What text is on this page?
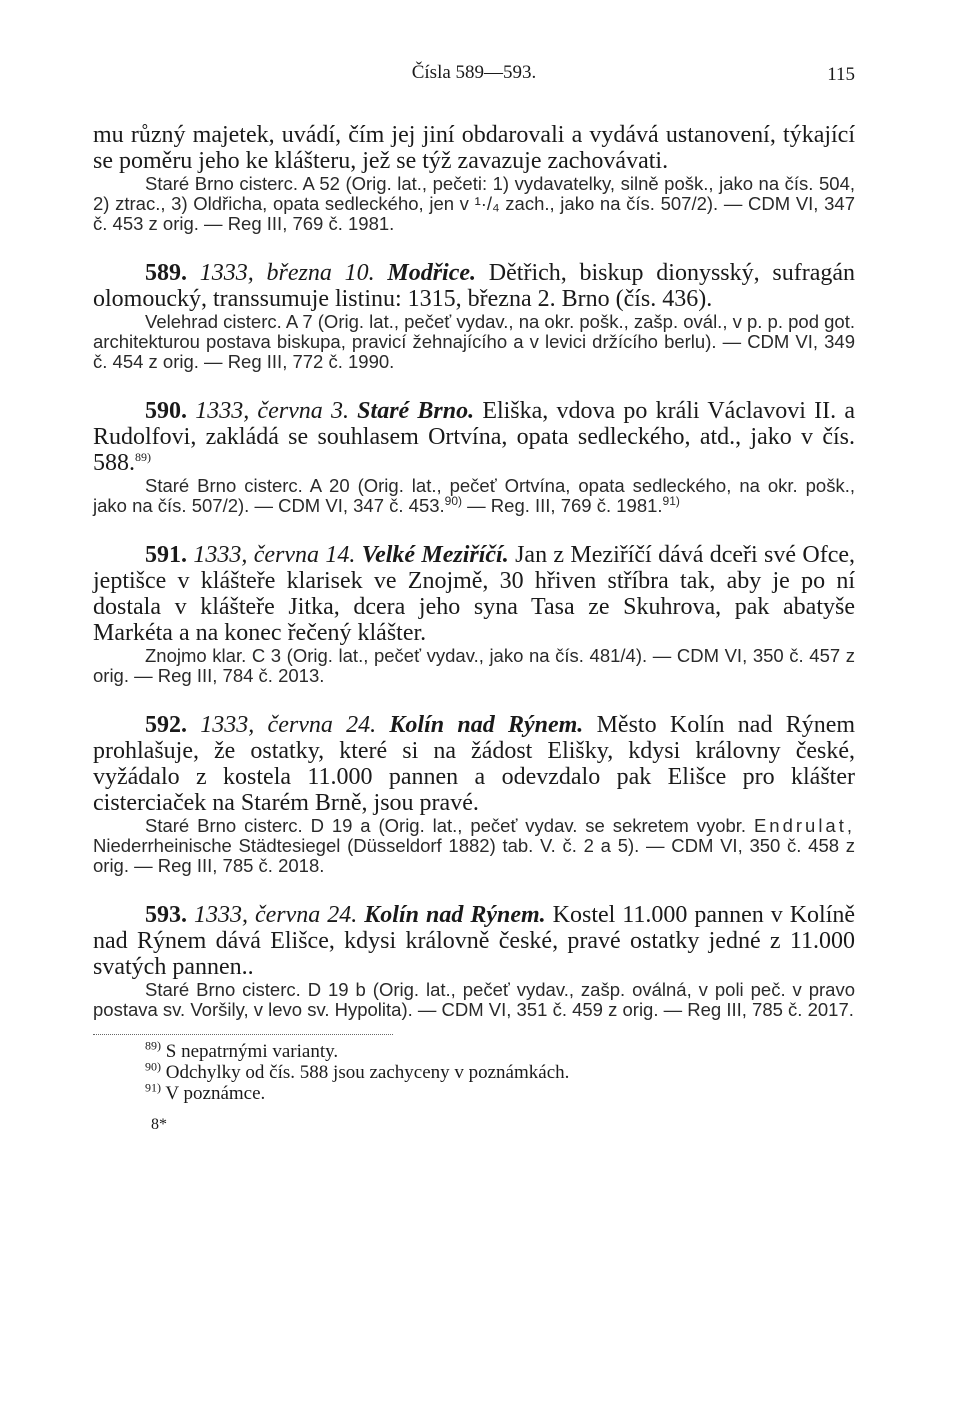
Čísla 589—593.	115

mu různý majetek, uvádí, čím jej jiní obdarovali a vydává ustanovení, týkající se poměru jeho ke klášteru, jež se týž zavazuje zachovávati.

Staré Brno cisterc. A 52 (Orig. lat., pečeti: 1) vydavatelky, silně pošk., jako na čís. 504, 2) ztrac., 3) Oldřicha, opata sedleckého, jen v ¹·/₄ zach., jako na čís. 507/2). — CDM VI, 347 č. 453 z orig. — Reg III, 769 č. 1981.

589. 1333, března 10. Modřice. Dětřich, biskup dionysský, sufragán olomoucký, transsumuje listinu: 1315, března 2. Brno (čís. 436).

Velehrad cisterc. A 7 (Orig. lat., pečeť vydav., na okr. pošk., zašp. ovál., v p. p. pod got. architekturou postava biskupa, pravicí žehnajícího a v levici držícího berlu). — CDM VI, 349 č. 454 z orig. — Reg III, 772 č. 1990.

590. 1333, června 3. Staré Brno. Eliška, vdova po králi Václavovi II. a Rudolfovi, zakládá se souhlasem Ortvína, opata sedleckého, atd., jako v čís. 588.$^{89)}$

Staré Brno cisterc. A 20 (Orig. lat., pečeť Ortvína, opata sedleckého, na okr. pošk., jako na čís. 507/2). — CDM VI, 347 č. 453.$^{90)}$ — Reg. III, 769 č. 1981.$^{91)}$

591. 1333, června 14. Velké Meziříčí. Jan z Meziříčí dává dceři své Ofce, jeptišce v klášteře klarisek ve Znojmě, 30 hřiven stříbra tak, aby je po ní dostala v klášteře Jitka, dcera jeho syna Tasa ze Skuhrova, pak abatyše Markéta a na konec řečený klášter.

Znojmo klar. C 3 (Orig. lat., pečeť vydav., jako na čís. 481/4). — CDM VI, 350 č. 457 z orig. — Reg III, 784 č. 2013.

592. 1333, června 24. Kolín nad Rýnem. Město Kolín nad Rýnem prohlašuje, že ostatky, které si na žádost Elišky, kdysi královny české, vyžádalo z kostela 11.000 pannen a odevzdalo pak Elišce pro klášter cisterciaček na Starém Brně, jsou pravé.

Staré Brno cisterc. D 19 a (Orig. lat., pečeť vydav. se sekretem vyobr. Endrulat, Niederrheinische Städtesiegel (Düsseldorf 1882) tab. V. č. 2 a 5). — CDM VI, 350 č. 458 z orig. — Reg III, 785 č. 2018.

593. 1333, června 24. Kolín nad Rýnem. Kostel 11.000 pannen v Kolíně nad Rýnem dává Elišce, kdysi královně české, pravé ostatky jedné z 11.000 svatých pannen..

Staré Brno cisterc. D 19 b (Orig. lat., pečeť vydav., zašp. oválná, v poli peč. v pravo postava sv. Voršily, v levo sv. Hypolita). — CDM VI, 351 č. 459 z orig. — Reg III, 785 č. 2017.

$^{89)}$ S nepatrnými varianty.

$^{90)}$ Odchylky od čís. 588 jsou zachyceny v poznámkách.

$^{91)}$ V poznámce.

8*
